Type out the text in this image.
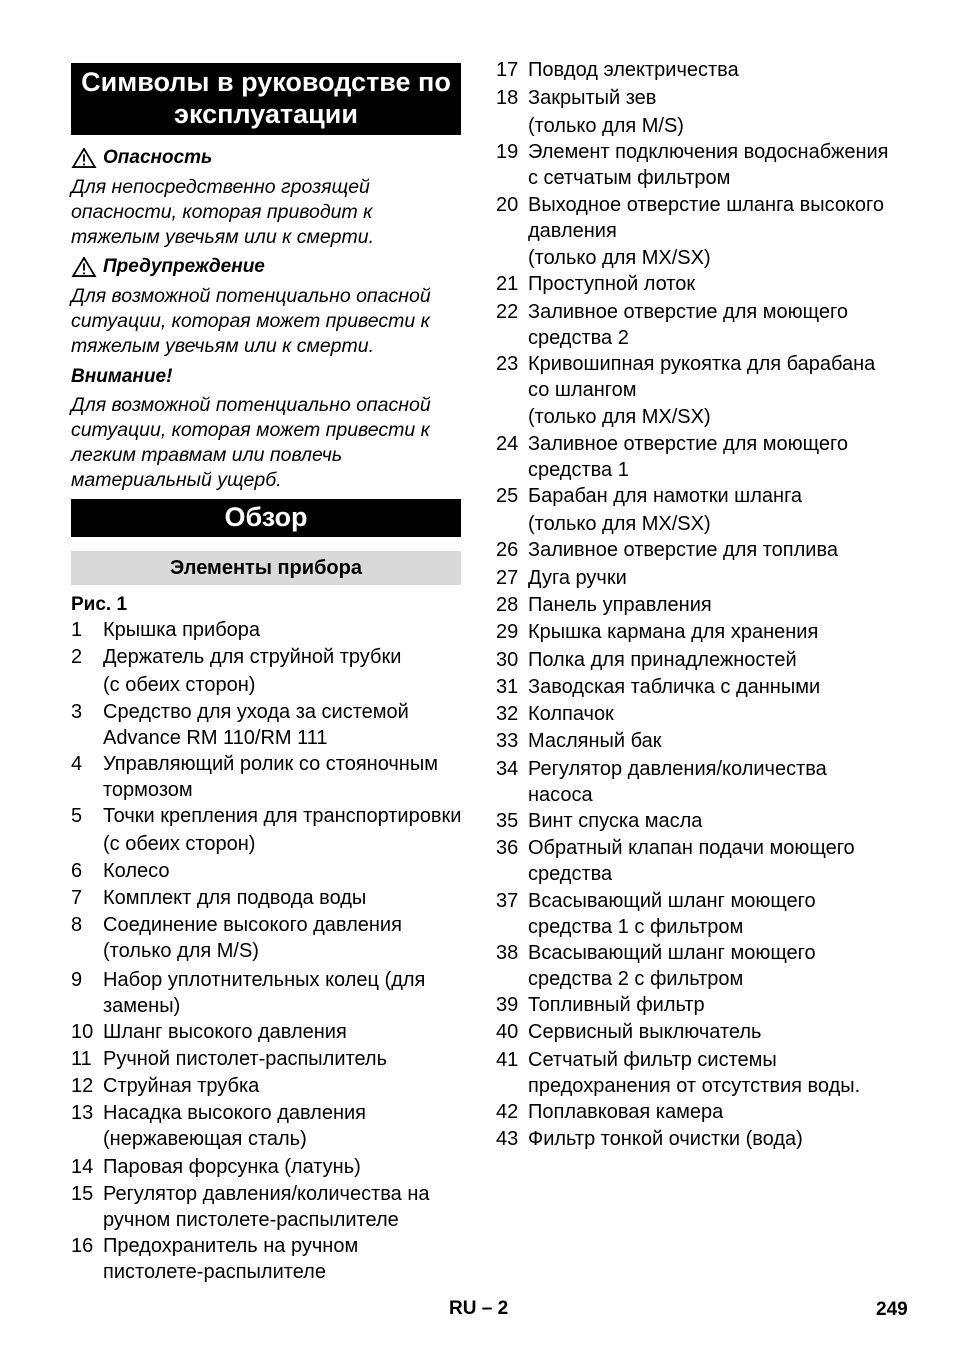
Символы в руководстве по эксплуатации
Опасность
Для непосредственно грозящей опасности, которая приводит к тяжелым увечьям или к смерти.
Предупреждение
Для возможной потенциально опасной ситуации, которая может привести к тяжелым увечьям или к смерти.
Внимание!
Для возможной потенциально опасной ситуации, которая может привести к легким травмам или повлечь материальный ущерб.
Обзор
Элементы прибора
Рис. 1
1	Крышка прибора
2	Держатель для струйной трубки
(с обеих сторон)
3	Средство для ухода за системой Advance RM 110/RM 111
4	Управляющий ролик со стояночным тормозом
5	Точки крепления для транспортировки
(с обеих сторон)
6	Колесо
7	Комплект для подвода воды
8	Соединение высокого давления (только для M/S)
9	Набор уплотнительных колец (для замены)
10 Шланг высокого давления
11 Ручной пистолет-распылитель
12 Струйная трубка
13 Насадка высокого давления (нержавеющая сталь)
14 Паровая форсунка (латунь)
15 Регулятор давления/количества на ручном пистолете-распылителе
16 Предохранитель на ручном пистолете-распылителе
17 Повдод электричества
18 Закрытый зев
(только для M/S)
19 Элемент подключения водоснабжения с сетчатым фильтром
20 Выходное отверстие шланга высокого давления
(только для MX/SX)
21 Проступной лоток
22 Заливное отверстие для моющего средства 2
23 Кривошипная рукоятка для барабана со шлангом
(только для MX/SX)
24 Заливное отверстие для моющего средства 1
25 Барабан для намотки шланга
(только для MX/SX)
26 Заливное отверстие для топлива
27 Дуга ручки
28 Панель управления
29 Крышка кармана для хранения
30 Полка для принадлежностей
31 Заводская табличка с данными
32 Колпачок
33 Масляный бак
34 Регулятор давления/количества насоса
35 Винт спуска масла
36 Обратный клапан подачи моющего средства
37 Всасывающий шланг моющего средства 1 с фильтром
38 Всасывающий шланг моющего средства 2 с фильтром
39 Топливный фильтр
40 Сервисный выключатель
41 Сетчатый фильтр системы предохранения от отсутствия воды.
42 Поплавковая камера
43 Фильтр тонкой очистки (вода)
RU – 2	249
